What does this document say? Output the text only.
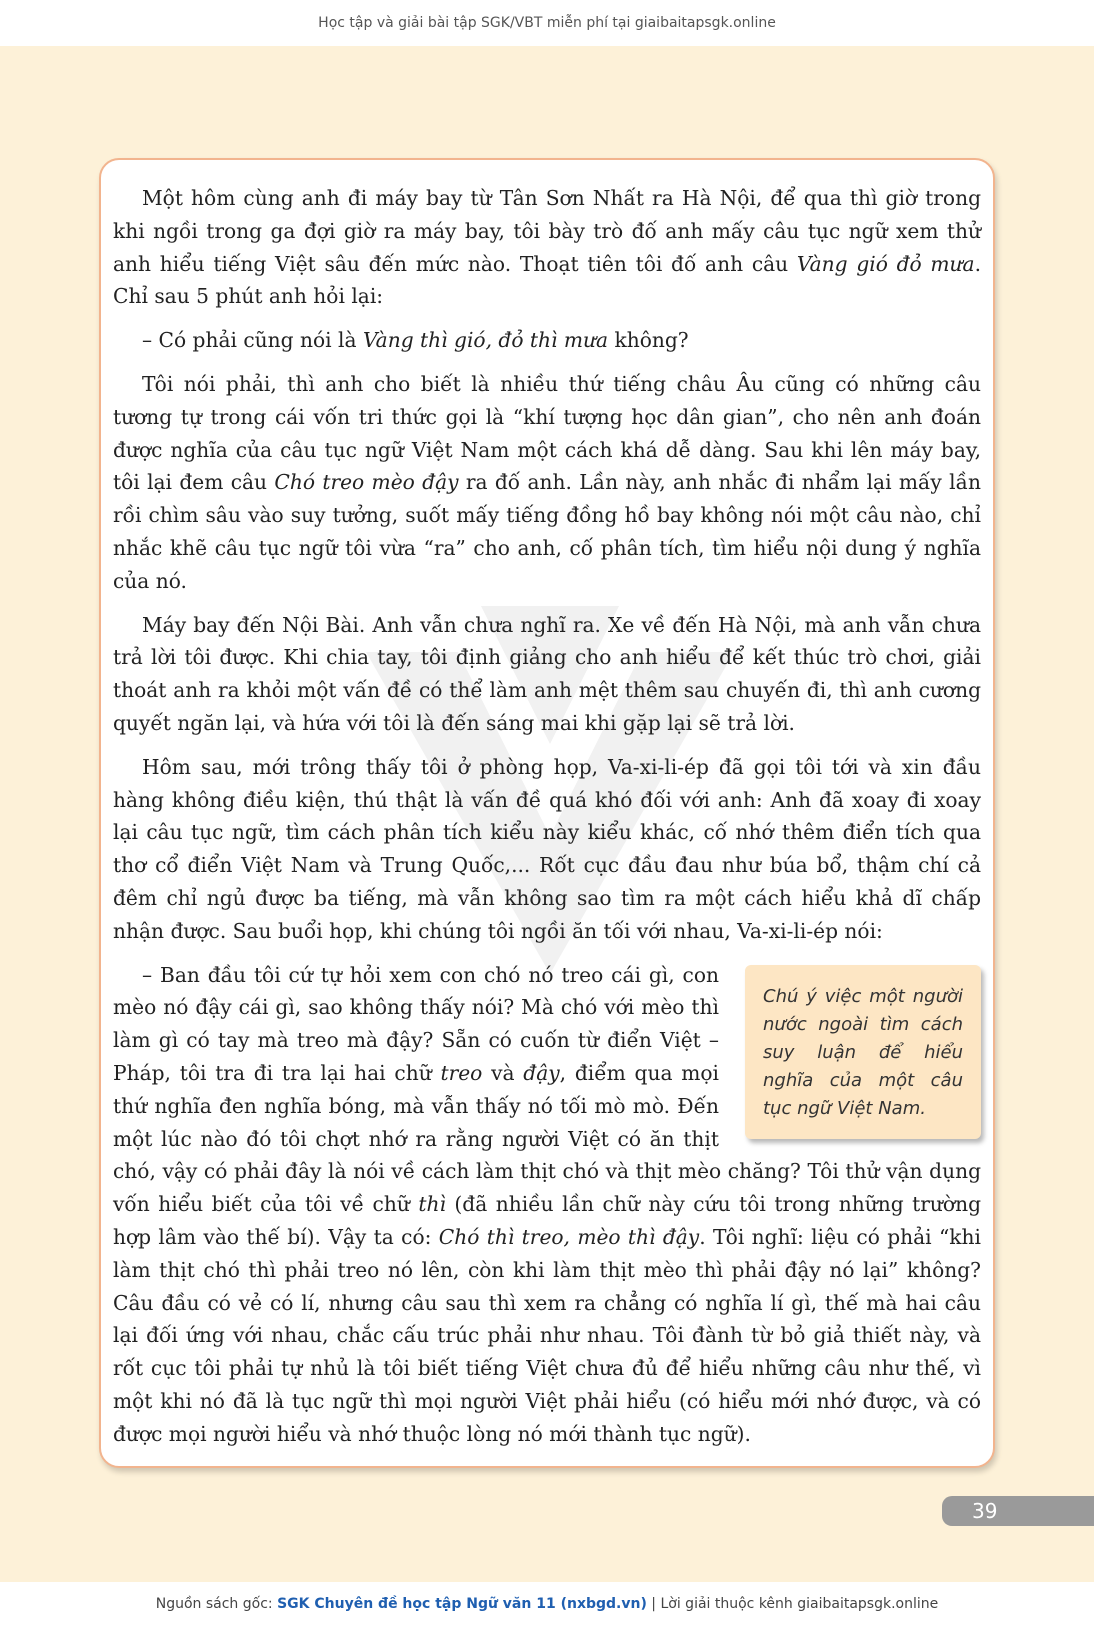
Học tập và giải bài tập SGK/VBT miễn phí tại giaibaitapsgk.online

Một hôm cùng anh đi máy bay từ Tân Sơn Nhất ra Hà Nội, để qua thì giờ trong khi ngồi trong ga đợi giờ ra máy bay, tôi bày trò đố anh mấy câu tục ngữ xem thử anh hiểu tiếng Việt sâu đến mức nào. Thoạt tiên tôi đố anh câu Vàng gió đỏ mưa. Chỉ sau 5 phút anh hỏi lại:

– Có phải cũng nói là Vàng thì gió, đỏ thì mưa không?

Tôi nói phải, thì anh cho biết là nhiều thứ tiếng châu Âu cũng có những câu tương tự trong cái vốn tri thức gọi là “khí tượng học dân gian”, cho nên anh đoán được nghĩa của câu tục ngữ Việt Nam một cách khá dễ dàng. Sau khi lên máy bay, tôi lại đem câu Chó treo mèo đậy ra đố anh. Lần này, anh nhắc đi nhẩm lại mấy lần rồi chìm sâu vào suy tưởng, suốt mấy tiếng đồng hồ bay không nói một câu nào, chỉ nhắc khẽ câu tục ngữ tôi vừa “ra” cho anh, cố phân tích, tìm hiểu nội dung ý nghĩa của nó.

Máy bay đến Nội Bài. Anh vẫn chưa nghĩ ra. Xe về đến Hà Nội, mà anh vẫn chưa trả lời tôi được. Khi chia tay, tôi định giảng cho anh hiểu để kết thúc trò chơi, giải thoát anh ra khỏi một vấn đề có thể làm anh mệt thêm sau chuyến đi, thì anh cương quyết ngăn lại, và hứa với tôi là đến sáng mai khi gặp lại sẽ trả lời.

Hôm sau, mới trông thấy tôi ở phòng họp, Va-xi-li-ép đã gọi tôi tới và xin đầu hàng không điều kiện, thú thật là vấn đề quá khó đối với anh: Anh đã xoay đi xoay lại câu tục ngữ, tìm cách phân tích kiểu này kiểu khác, cố nhớ thêm điển tích qua thơ cổ điển Việt Nam và Trung Quốc,... Rốt cục đầu đau như búa bổ, thậm chí cả đêm chỉ ngủ được ba tiếng, mà vẫn không sao tìm ra một cách hiểu khả dĩ chấp nhận được. Sau buổi họp, khi chúng tôi ngồi ăn tối với nhau, Va-xi-li-ép nói:

Chú ý việc một người nước ngoài tìm cách suy luận để hiểu nghĩa của một câu tục ngữ Việt Nam.
– Ban đầu tôi cứ tự hỏi xem con chó nó treo cái gì, con mèo nó đậy cái gì, sao không thấy nói? Mà chó với mèo thì làm gì có tay mà treo mà đậy? Sẵn có cuốn từ điển Việt – Pháp, tôi tra đi tra lại hai chữ treo và đậy, điểm qua mọi thứ nghĩa đen nghĩa bóng, mà vẫn thấy nó tối mò mò. Đến một lúc nào đó tôi chợt nhớ ra rằng người Việt có ăn thịt chó, vậy có phải đây là nói về cách làm thịt chó và thịt mèo chăng? Tôi thử vận dụng vốn hiểu biết của tôi về chữ thì (đã nhiều lần chữ này cứu tôi trong những trường hợp lâm vào thế bí). Vậy ta có: Chó thì treo, mèo thì đậy. Tôi nghĩ: liệu có phải “khi làm thịt chó thì phải treo nó lên, còn khi làm thịt mèo thì phải đậy nó lại” không? Câu đầu có vẻ có lí, nhưng câu sau thì xem ra chẳng có nghĩa lí gì, thế mà hai câu lại đối ứng với nhau, chắc cấu trúc phải như nhau. Tôi đành từ bỏ giả thiết này, và rốt cục tôi phải tự nhủ là tôi biết tiếng Việt chưa đủ để hiểu những câu như thế, vì một khi nó đã là tục ngữ thì mọi người Việt phải hiểu (có hiểu mới nhớ được, và có được mọi người hiểu và nhớ thuộc lòng nó mới thành tục ngữ).

39
Nguồn sách gốc: SGK Chuyên đề học tập Ngữ văn 11 (nxbgd.vn) | Lời giải thuộc kênh giaibaitapsgk.online
